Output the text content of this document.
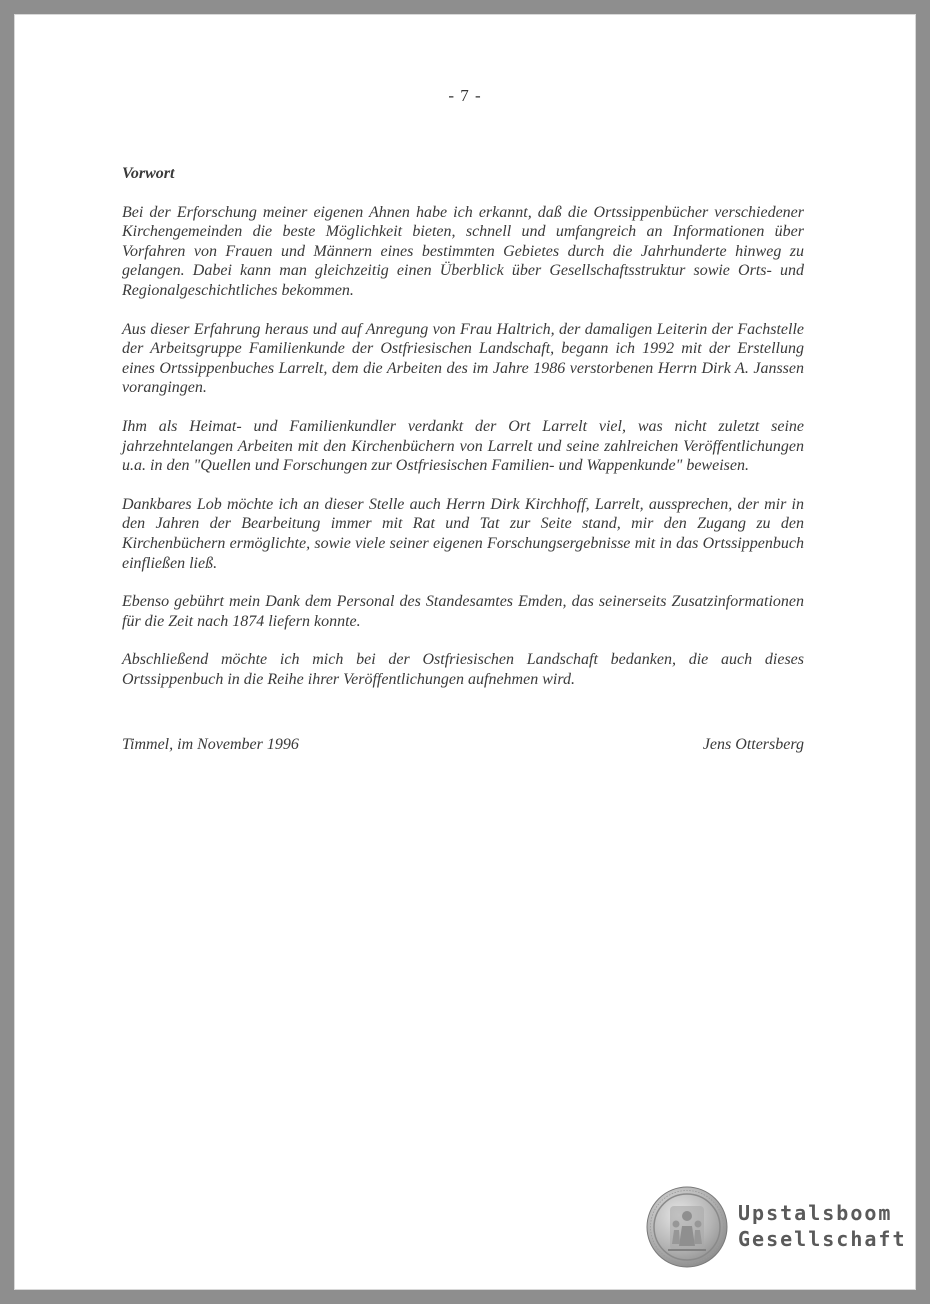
- 7 -

Vorwort

Bei der Erforschung meiner eigenen Ahnen habe ich erkannt, daß die Ortssippenbücher verschiedener Kirchengemeinden die beste Möglichkeit bieten, schnell und umfangreich an Informationen über Vorfahren von Frauen und Männern eines bestimmten Gebietes durch die Jahrhunderte hinweg zu gelangen. Dabei kann man gleichzeitig einen Überblick über Gesellschaftsstruktur sowie Orts- und Regionalgeschichtliches bekommen.

Aus dieser Erfahrung heraus und auf Anregung von Frau Haltrich, der damaligen Leiterin der Fachstelle der Arbeitsgruppe Familienkunde der Ostfriesischen Landschaft, begann ich 1992 mit der Erstellung eines Ortssippenbuches Larrelt, dem die Arbeiten des im Jahre 1986 verstorbenen Herrn Dirk A. Janssen vorangingen.

Ihm als Heimat- und Familienkundler verdankt der Ort Larrelt viel, was nicht zuletzt seine jahrzehntelangen Arbeiten mit den Kirchenbüchern von Larrelt und seine zahlreichen Veröffentlichungen u.a. in den "Quellen und Forschungen zur Ostfriesischen Familien- und Wappenkunde" beweisen.

Dankbares Lob möchte ich an dieser Stelle auch Herrn Dirk Kirchhoff, Larrelt, aussprechen, der mir in den Jahren der Bearbeitung immer mit Rat und Tat zur Seite stand, mir den Zugang zu den Kirchenbüchern ermöglichte, sowie viele seiner eigenen Forschungsergebnisse mit in das Ortssippenbuch einfließen ließ.

Ebenso gebührt mein Dank dem Personal des Standesamtes Emden, das seinerseits Zusatzinformationen für die Zeit nach 1874 liefern konnte.

Abschließend möchte ich mich bei der Ostfriesischen Landschaft bedanken, die auch dieses Ortssippenbuch in die Reihe ihrer Veröffentlichungen aufnehmen wird.

Timmel, im November 1996	Jens Ottersberg
Upstalsboom
Gesellschaft
